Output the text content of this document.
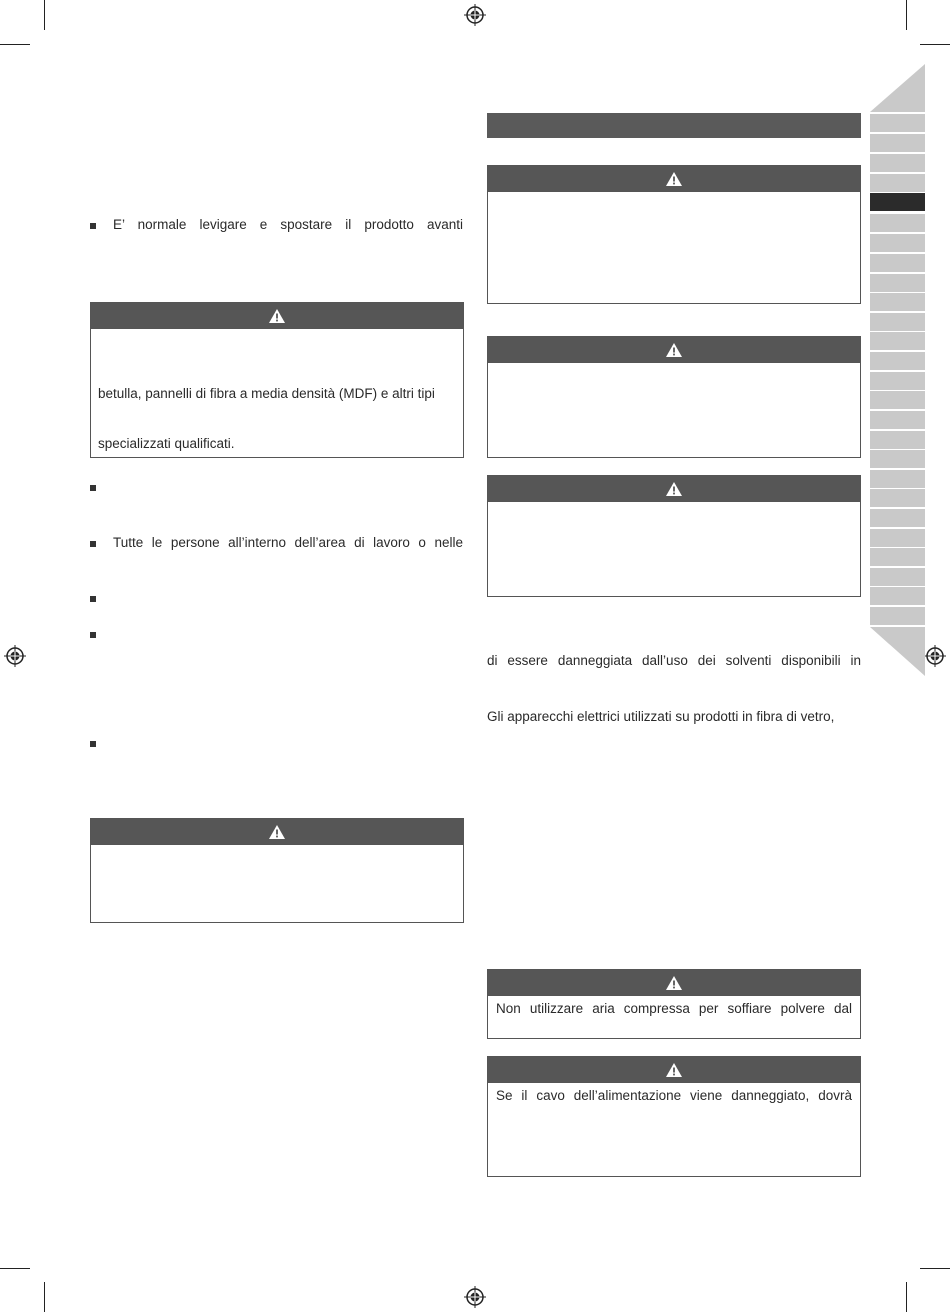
E’ normale levigare e spostare il prodotto avanti
betulla, pannelli di fibra a media densità (MDF) e altri tipi
specializzati qualificati.
Tutte le persone all’interno dell’area di lavoro o nelle
di essere danneggiata dall’uso dei solventi disponibili in
Gli apparecchi elettrici utilizzati su prodotti in fibra di vetro,
Non utilizzare aria compressa per soffiare polvere dal
Se il cavo dell’alimentazione viene danneggiato, dovrà
